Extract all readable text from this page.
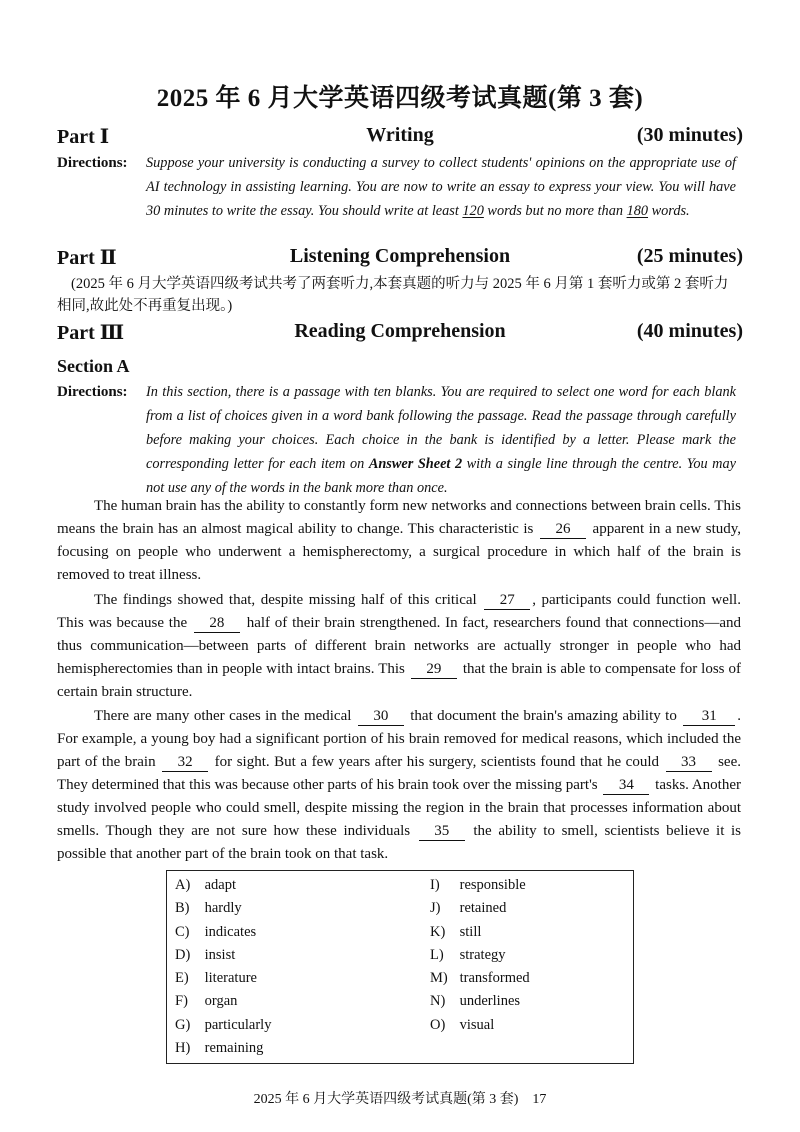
2025 年 6 月大学英语四级考试真题(第 3 套)
Part Ⅰ	Writing	(30 minutes)
Directions: Suppose your university is conducting a survey to collect students' opinions on the appropriate use of AI technology in assisting learning. You are now to write an essay to express your view. You will have 30 minutes to write the essay. You should write at least 120 words but no more than 180 words.
Part Ⅱ	Listening Comprehension	(25 minutes)
(2025 年 6 月大学英语四级考试共考了两套听力,本套真题的听力与 2025 年 6 月第 1 套听力或第 2 套听力相同,故此处不再重复出现。)
Part Ⅲ	Reading Comprehension	(40 minutes)
Section A
Directions: In this section, there is a passage with ten blanks. You are required to select one word for each blank from a list of choices given in a word bank following the passage. Read the passage through carefully before making your choices. Each choice in the bank is identified by a letter. Please mark the corresponding letter for each item on Answer Sheet 2 with a single line through the centre. You may not use any of the words in the bank more than once.
The human brain has the ability to constantly form new networks and connections between brain cells. This means the brain has an almost magical ability to change. This characteristic is 26 apparent in a new study, focusing on people who underwent a hemispherectomy, a surgical procedure in which half of the brain is removed to treat illness.
The findings showed that, despite missing half of this critical 27 , participants could function well. This was because the 28 half of their brain strengthened. In fact, researchers found that connections—and thus communication—between parts of different brain networks are actually stronger in people who had hemispherectomies than in people with intact brains. This 29 that the brain is able to compensate for loss of certain brain structure.
There are many other cases in the medical 30 that document the brain's amazing ability to 31 . For example, a young boy had a significant portion of his brain removed for medical reasons, which included the part of the brain 32 for sight. But a few years after his surgery, scientists found that he could 33 see. They determined that this was because other parts of his brain took over the missing part's 34 tasks. Another study involved people who could smell, despite missing the region in the brain that processes information about smells. Though they are not sure how these individuals 35 the ability to smell, scientists believe it is possible that another part of the brain took on that task.
A) adapt
B) hardly
C) indicates
D) insist
E) literature
F) organ
G) particularly
H) remaining
I) responsible
J) retained
K) still
L) strategy
M) transformed
N) underlines
O) visual
2025 年 6 月大学英语四级考试真题(第 3 套) 17
